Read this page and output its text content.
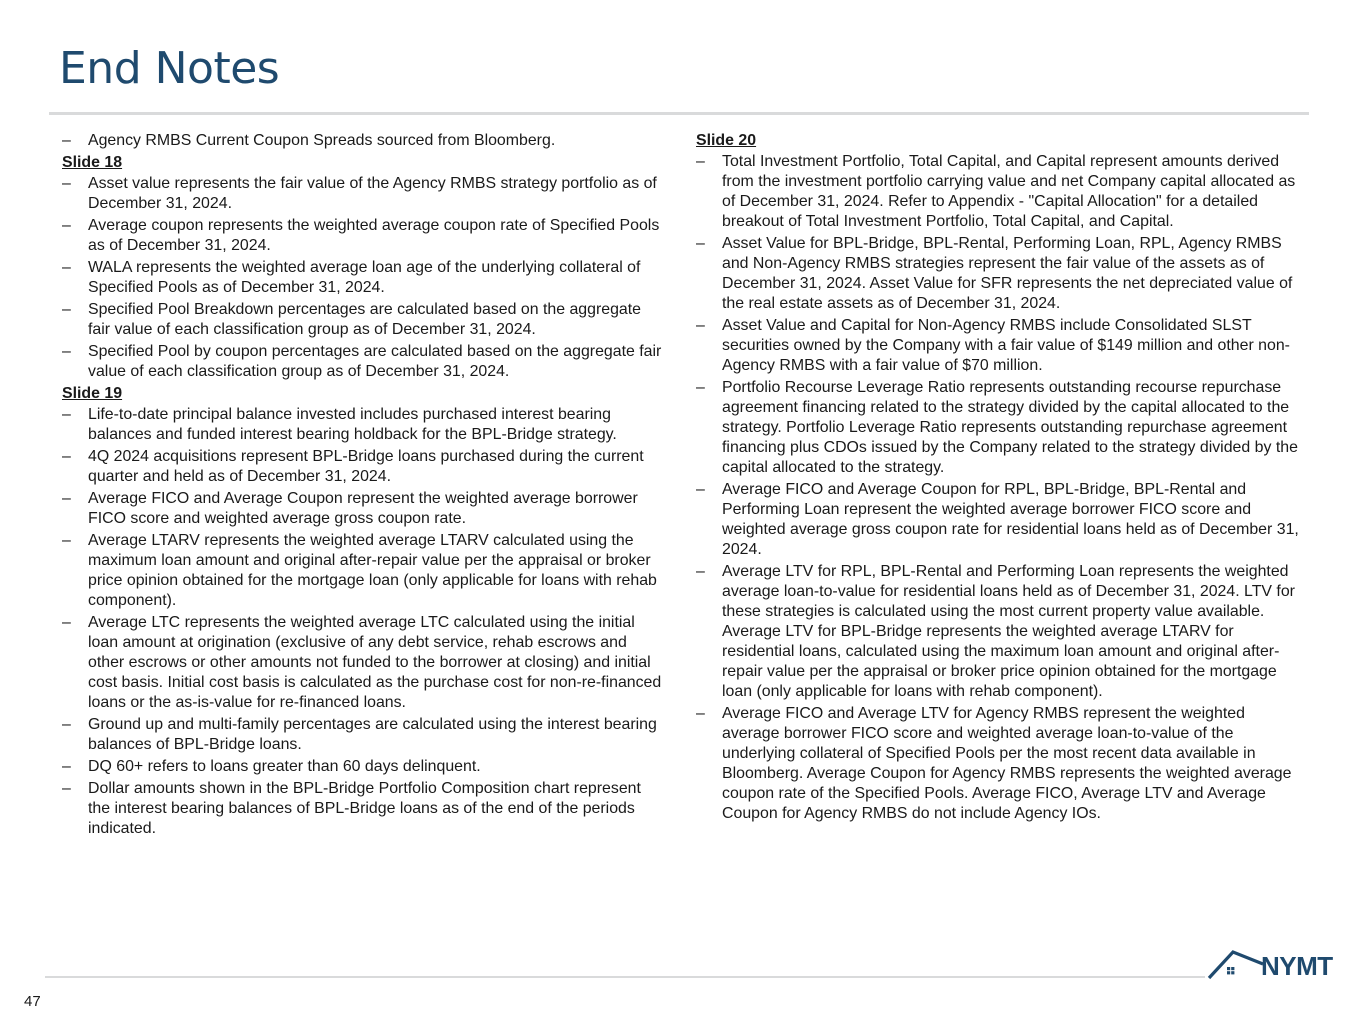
End Notes
– Agency RMBS Current Coupon Spreads sourced from Bloomberg.
Slide 18
– Asset value represents the fair value of the Agency RMBS strategy portfolio as of December 31, 2024.
– Average coupon represents the weighted average coupon rate of Specified Pools as of December 31, 2024.
– WALA represents the weighted average loan age of the underlying collateral of Specified Pools as of December 31, 2024.
– Specified Pool Breakdown percentages are calculated based on the aggregate fair value of each classification group as of December 31, 2024.
– Specified Pool by coupon percentages are calculated based on the aggregate fair value of each classification group as of December 31, 2024.
Slide 19
– Life-to-date principal balance invested includes purchased interest bearing balances and funded interest bearing holdback for the BPL-Bridge strategy.
– 4Q 2024 acquisitions represent BPL-Bridge loans purchased during the current quarter and held as of December 31, 2024.
– Average FICO and Average Coupon represent the weighted average borrower FICO score and weighted average gross coupon rate.
– Average LTARV represents the weighted average LTARV calculated using the maximum loan amount and original after-repair value per the appraisal or broker price opinion obtained for the mortgage loan (only applicable for loans with rehab component).
– Average LTC represents the weighted average LTC calculated using the initial loan amount at origination (exclusive of any debt service, rehab escrows and other escrows or other amounts not funded to the borrower at closing) and initial cost basis. Initial cost basis is calculated as the purchase cost for non-re-financed loans or the as-is-value for re-financed loans.
– Ground up and multi-family percentages are calculated using the interest bearing balances of BPL-Bridge loans.
– DQ 60+ refers to loans greater than 60 days delinquent.
– Dollar amounts shown in the BPL-Bridge Portfolio Composition chart represent the interest bearing balances of BPL-Bridge loans as of the end of the periods indicated.
Slide 20
– Total Investment Portfolio, Total Capital, and Capital represent amounts derived from the investment portfolio carrying value and net Company capital allocated as of December 31, 2024. Refer to Appendix - "Capital Allocation" for a detailed breakout of Total Investment Portfolio, Total Capital, and Capital.
– Asset Value for BPL-Bridge, BPL-Rental, Performing Loan, RPL, Agency RMBS and Non-Agency RMBS strategies represent the fair value of the assets as of December 31, 2024. Asset Value for SFR represents the net depreciated value of the real estate assets as of December 31, 2024.
– Asset Value and Capital for Non-Agency RMBS include Consolidated SLST securities owned by the Company with a fair value of $149 million and other non-Agency RMBS with a fair value of $70 million.
– Portfolio Recourse Leverage Ratio represents outstanding recourse repurchase agreement financing related to the strategy divided by the capital allocated to the strategy. Portfolio Leverage Ratio represents outstanding repurchase agreement financing plus CDOs issued by the Company related to the strategy divided by the capital allocated to the strategy.
– Average FICO and Average Coupon for RPL, BPL-Bridge, BPL-Rental and Performing Loan represent the weighted average borrower FICO score and weighted average gross coupon rate for residential loans held as of December 31, 2024.
– Average LTV for RPL, BPL-Rental and Performing Loan represents the weighted average loan-to-value for residential loans held as of December 31, 2024. LTV for these strategies is calculated using the most current property value available. Average LTV for BPL-Bridge represents the weighted average LTARV for residential loans, calculated using the maximum loan amount and original after-repair value per the appraisal or broker price opinion obtained for the mortgage loan (only applicable for loans with rehab component).
– Average FICO and Average LTV for Agency RMBS represent the weighted average borrower FICO score and weighted average loan-to-value of the underlying collateral of Specified Pools per the most recent data available in Bloomberg. Average Coupon for Agency RMBS represents the weighted average coupon rate of the Specified Pools. Average FICO, Average LTV and Average Coupon for Agency RMBS do not include Agency IOs.
47
NYMT
